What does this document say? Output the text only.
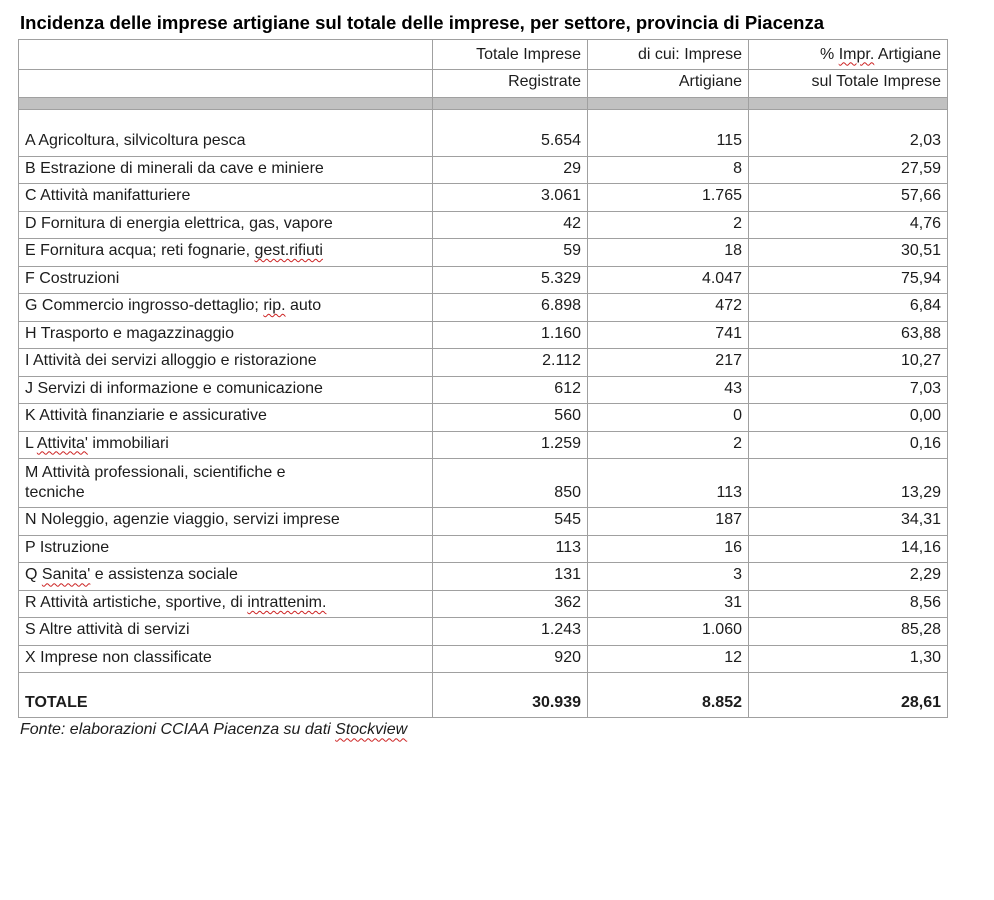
Incidenza delle imprese artigiane sul totale delle imprese, per settore, provincia di Piacenza
	Totale Imprese	di cui: Imprese	% Impr. Artigiane
	Registrate	Artigiane	sul Totale Imprese

A Agricoltura, silvicoltura pesca	5.654	115	2,03
B Estrazione di minerali da cave e miniere	29	8	27,59
C Attività manifatturiere	3.061	1.765	57,66
D Fornitura di energia elettrica, gas, vapore	42	2	4,76
E Fornitura acqua; reti fognarie, gest.rifiuti	59	18	30,51
F Costruzioni	5.329	4.047	75,94
G Commercio ingrosso-dettaglio; rip. auto	6.898	472	6,84
H Trasporto e magazzinaggio	1.160	741	63,88
I Attività dei servizi alloggio e ristorazione	2.112	217	10,27
J Servizi di informazione e comunicazione	612	43	7,03
K Attività finanziarie e assicurative	560	0	0,00
L Attivita' immobiliari	1.259	2	0,16
M Attività professionali, scientifiche e
tecniche	850	113	13,29
N Noleggio, agenzie viaggio, servizi imprese	545	187	34,31
P Istruzione	113	16	14,16
Q Sanita' e assistenza sociale	131	3	2,29
R Attività artistiche, sportive, di intrattenim.	362	31	8,56
S Altre attività di servizi	1.243	1.060	85,28
X Imprese non classificate	920	12	1,30
TOTALE	30.939	8.852	28,61
Fonte: elaborazioni CCIAA Piacenza su dati Stockview
